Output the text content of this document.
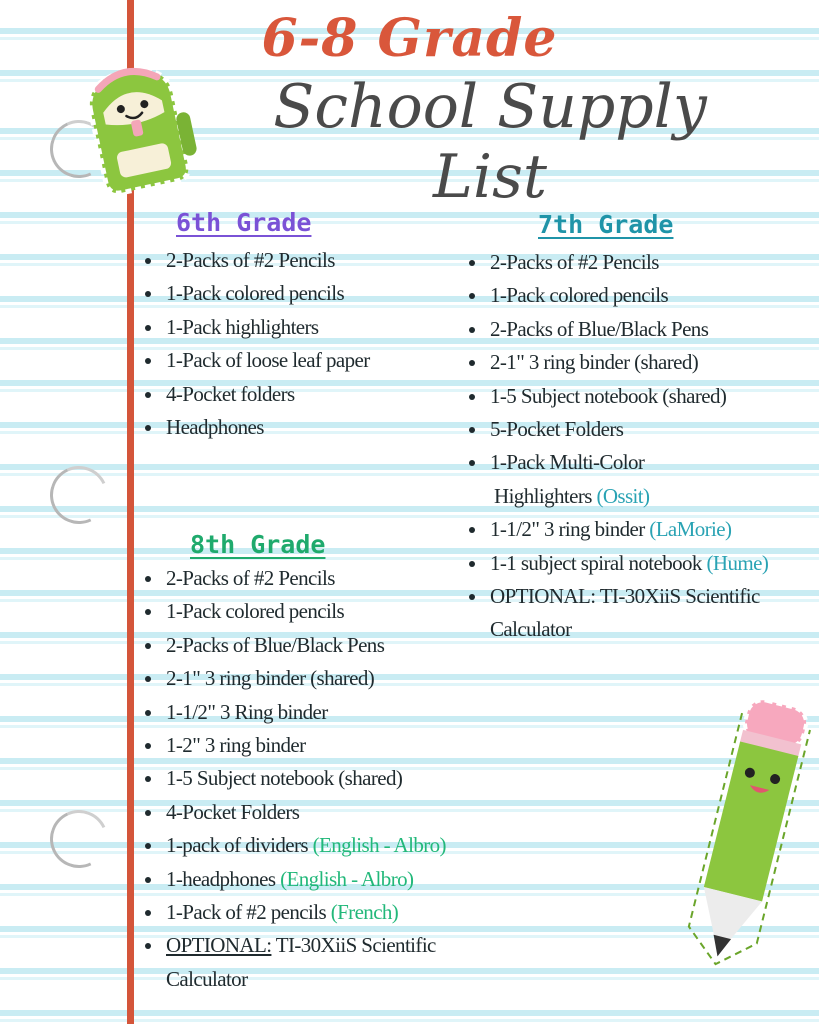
6-8 Grade
School Supply List
6th Grade
• 2-Packs of #2 Pencils
• 1-Pack colored pencils
• 1-Pack highlighters
• 1-Pack of loose leaf paper
• 4-Pocket folders
• Headphones
7th Grade
• 2-Packs of #2 Pencils
• 1-Pack colored pencils
• 2-Packs of Blue/Black Pens
• 2-1" 3 ring binder (shared)
• 1-5 Subject notebook (shared)
• 5-Pocket Folders
• 1-Pack Multi-Color
Highlighters (Ossit)
• 1-1/2" 3 ring binder (LaMorie)
• 1-1 subject spiral notebook (Hume)
• OPTIONAL: TI-30XiiS Scientific
Calculator
8th Grade
• 2-Packs of #2 Pencils
• 1-Pack colored pencils
• 2-Packs of Blue/Black Pens
• 2-1" 3 ring binder (shared)
• 1-1/2" 3 Ring binder
• 1-2" 3 ring binder
• 1-5 Subject notebook (shared)
• 4-Pocket Folders
• 1-pack of dividers (English - Albro)
• 1-headphones (English - Albro)
• 1-Pack of #2 pencils (French)
• OPTIONAL: TI-30XiiS Scientific
Calculator
